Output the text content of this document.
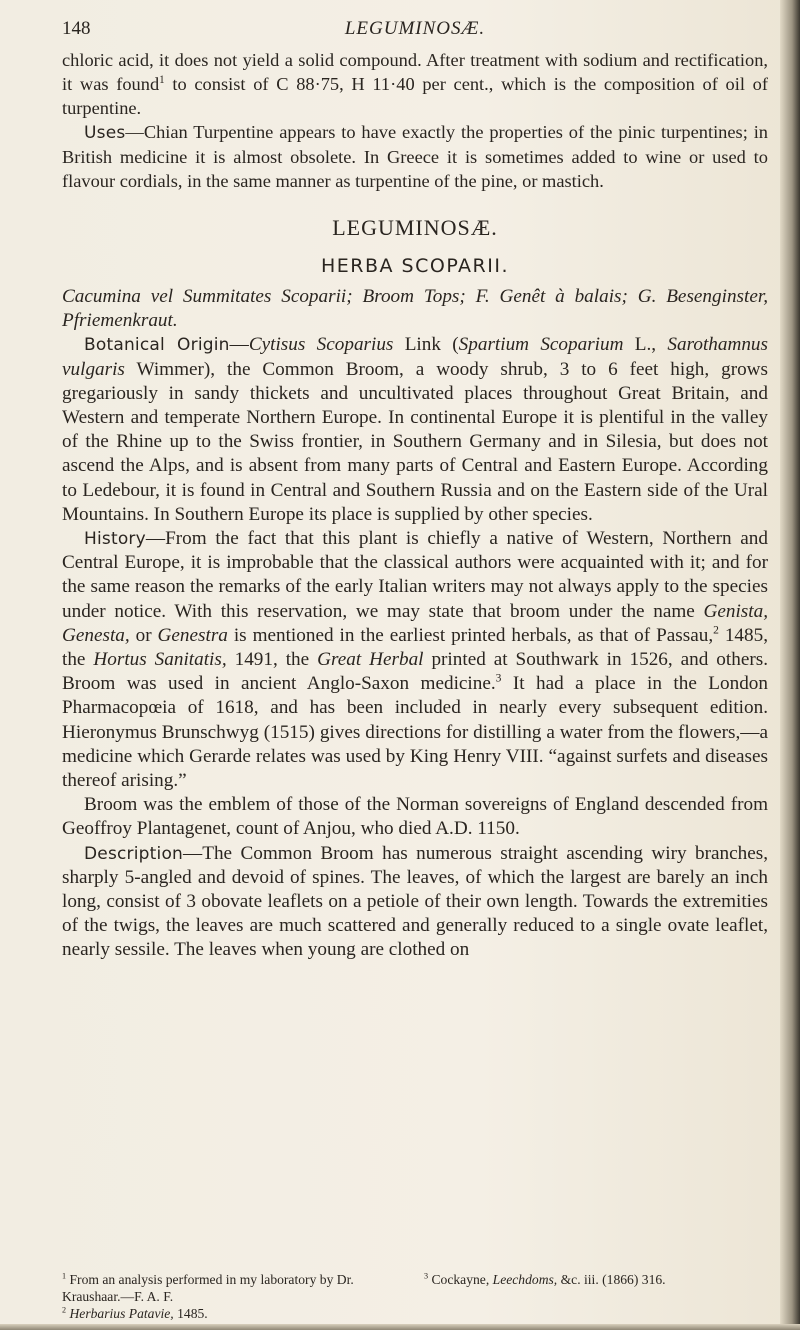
148	LEGUMINOSÆ.

chloric acid, it does not yield a solid compound. After treatment with sodium and rectification, it was found$^1$ to consist of C 88·75, H 11·40 per cent., which is the composition of oil of turpentine.

Uses—Chian Turpentine appears to have exactly the properties of the pinic turpentines; in British medicine it is almost obsolete. In Greece it is sometimes added to wine or used to flavour cordials, in the same manner as turpentine of the pine, or mastich.

LEGUMINOSÆ.
HERBA SCOPARII.

Cacumina vel Summitates Scoparii; Broom Tops; F. Genêt à balais; G. Besenginster, Pfriemenkraut.

Botanical Origin—Cytisus Scoparius Link (Spartium Scoparium L., Sarothamnus vulgaris Wimmer), the Common Broom, a woody shrub, 3 to 6 feet high, grows gregariously in sandy thickets and uncultivated places throughout Great Britain, and Western and temperate Northern Europe. In continental Europe it is plentiful in the valley of the Rhine up to the Swiss frontier, in Southern Germany and in Silesia, but does not ascend the Alps, and is absent from many parts of Central and Eastern Europe. According to Ledebour, it is found in Central and Southern Russia and on the Eastern side of the Ural Mountains. In Southern Europe its place is supplied by other species.

History—From the fact that this plant is chiefly a native of Western, Northern and Central Europe, it is improbable that the classical authors were acquainted with it; and for the same reason the remarks of the early Italian writers may not always apply to the species under notice. With this reservation, we may state that broom under the name Genista, Genesta, or Genestra is mentioned in the earliest printed herbals, as that of Passau,$^2$ 1485, the Hortus Sanitatis, 1491, the Great Herbal printed at Southwark in 1526, and others. Broom was used in ancient Anglo-Saxon medicine.$^3$ It had a place in the London Pharmacopœia of 1618, and has been included in nearly every subsequent edition. Hieronymus Brunschwyg (1515) gives directions for distilling a water from the flowers,—a medicine which Gerarde relates was used by King Henry VIII. “against surfets and diseases thereof arising.”

Broom was the emblem of those of the Norman sovereigns of England descended from Geoffroy Plantagenet, count of Anjou, who died A.D. 1150.

Description—The Common Broom has numerous straight ascending wiry branches, sharply 5-angled and devoid of spines. The leaves, of which the largest are barely an inch long, consist of 3 obovate leaflets on a petiole of their own length. Towards the extremities of the twigs, the leaves are much scattered and generally reduced to a single ovate leaflet, nearly sessile. The leaves when young are clothed on

$^1$ From an analysis performed in my laboratory by Dr. Kraushaar.—F. A. F.
$^2$ Herbarius Patavie, 1485.
$^3$ Cockayne, Leechdoms, &c. iii. (1866) 316.
